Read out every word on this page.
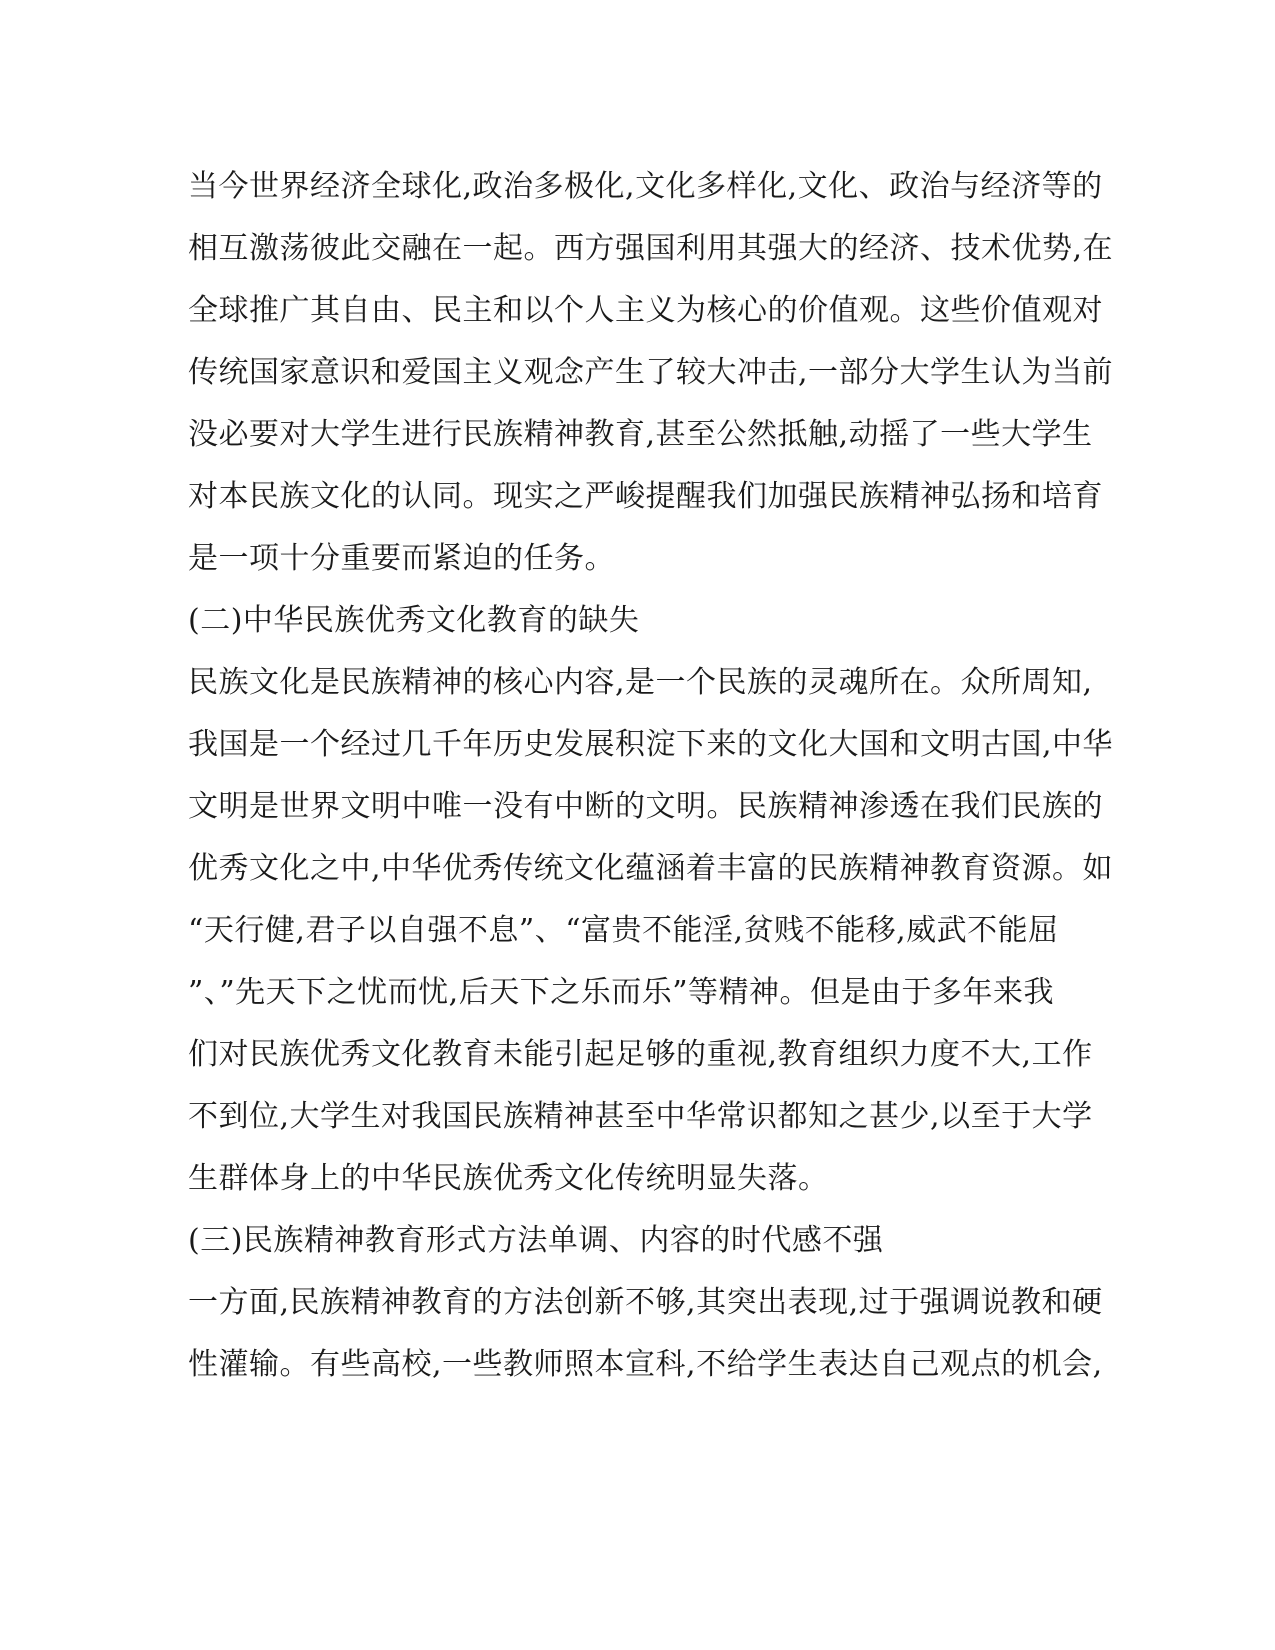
当今世界经济全球化,政治多极化,文化多样化,文化、政治与经济等的
相互激荡彼此交融在一起。西方强国利用其强大的经济、技术优势,在
全球推广其自由、民主和以个人主义为核心的价值观。这些价值观对
传统国家意识和爱国主义观念产生了较大冲击,一部分大学生认为当前
没必要对大学生进行民族精神教育,甚至公然抵触,动摇了一些大学生
对本民族文化的认同。现实之严峻提醒我们加强民族精神弘扬和培育
是一项十分重要而紧迫的任务。
(二)中华民族优秀文化教育的缺失
民族文化是民族精神的核心内容,是一个民族的灵魂所在。众所周知,
我国是一个经过几千年历史发展积淀下来的文化大国和文明古国,中华
文明是世界文明中唯一没有中断的文明。民族精神渗透在我们民族的
优秀文化之中,中华优秀传统文化蕴涵着丰富的民族精神教育资源。如
“天行健,君子以自强不息”、“富贵不能淫,贫贱不能移,威武不能屈
”、”先天下之忧而忧,后天下之乐而乐”等精神。但是由于多年来我
们对民族优秀文化教育未能引起足够的重视,教育组织力度不大,工作
不到位,大学生对我国民族精神甚至中华常识都知之甚少,以至于大学
生群体身上的中华民族优秀文化传统明显失落。
(三)民族精神教育形式方法单调、内容的时代感不强
一方面,民族精神教育的方法创新不够,其突出表现,过于强调说教和硬
性灌输。有些高校,一些教师照本宣科,不给学生表达自己观点的机会,
